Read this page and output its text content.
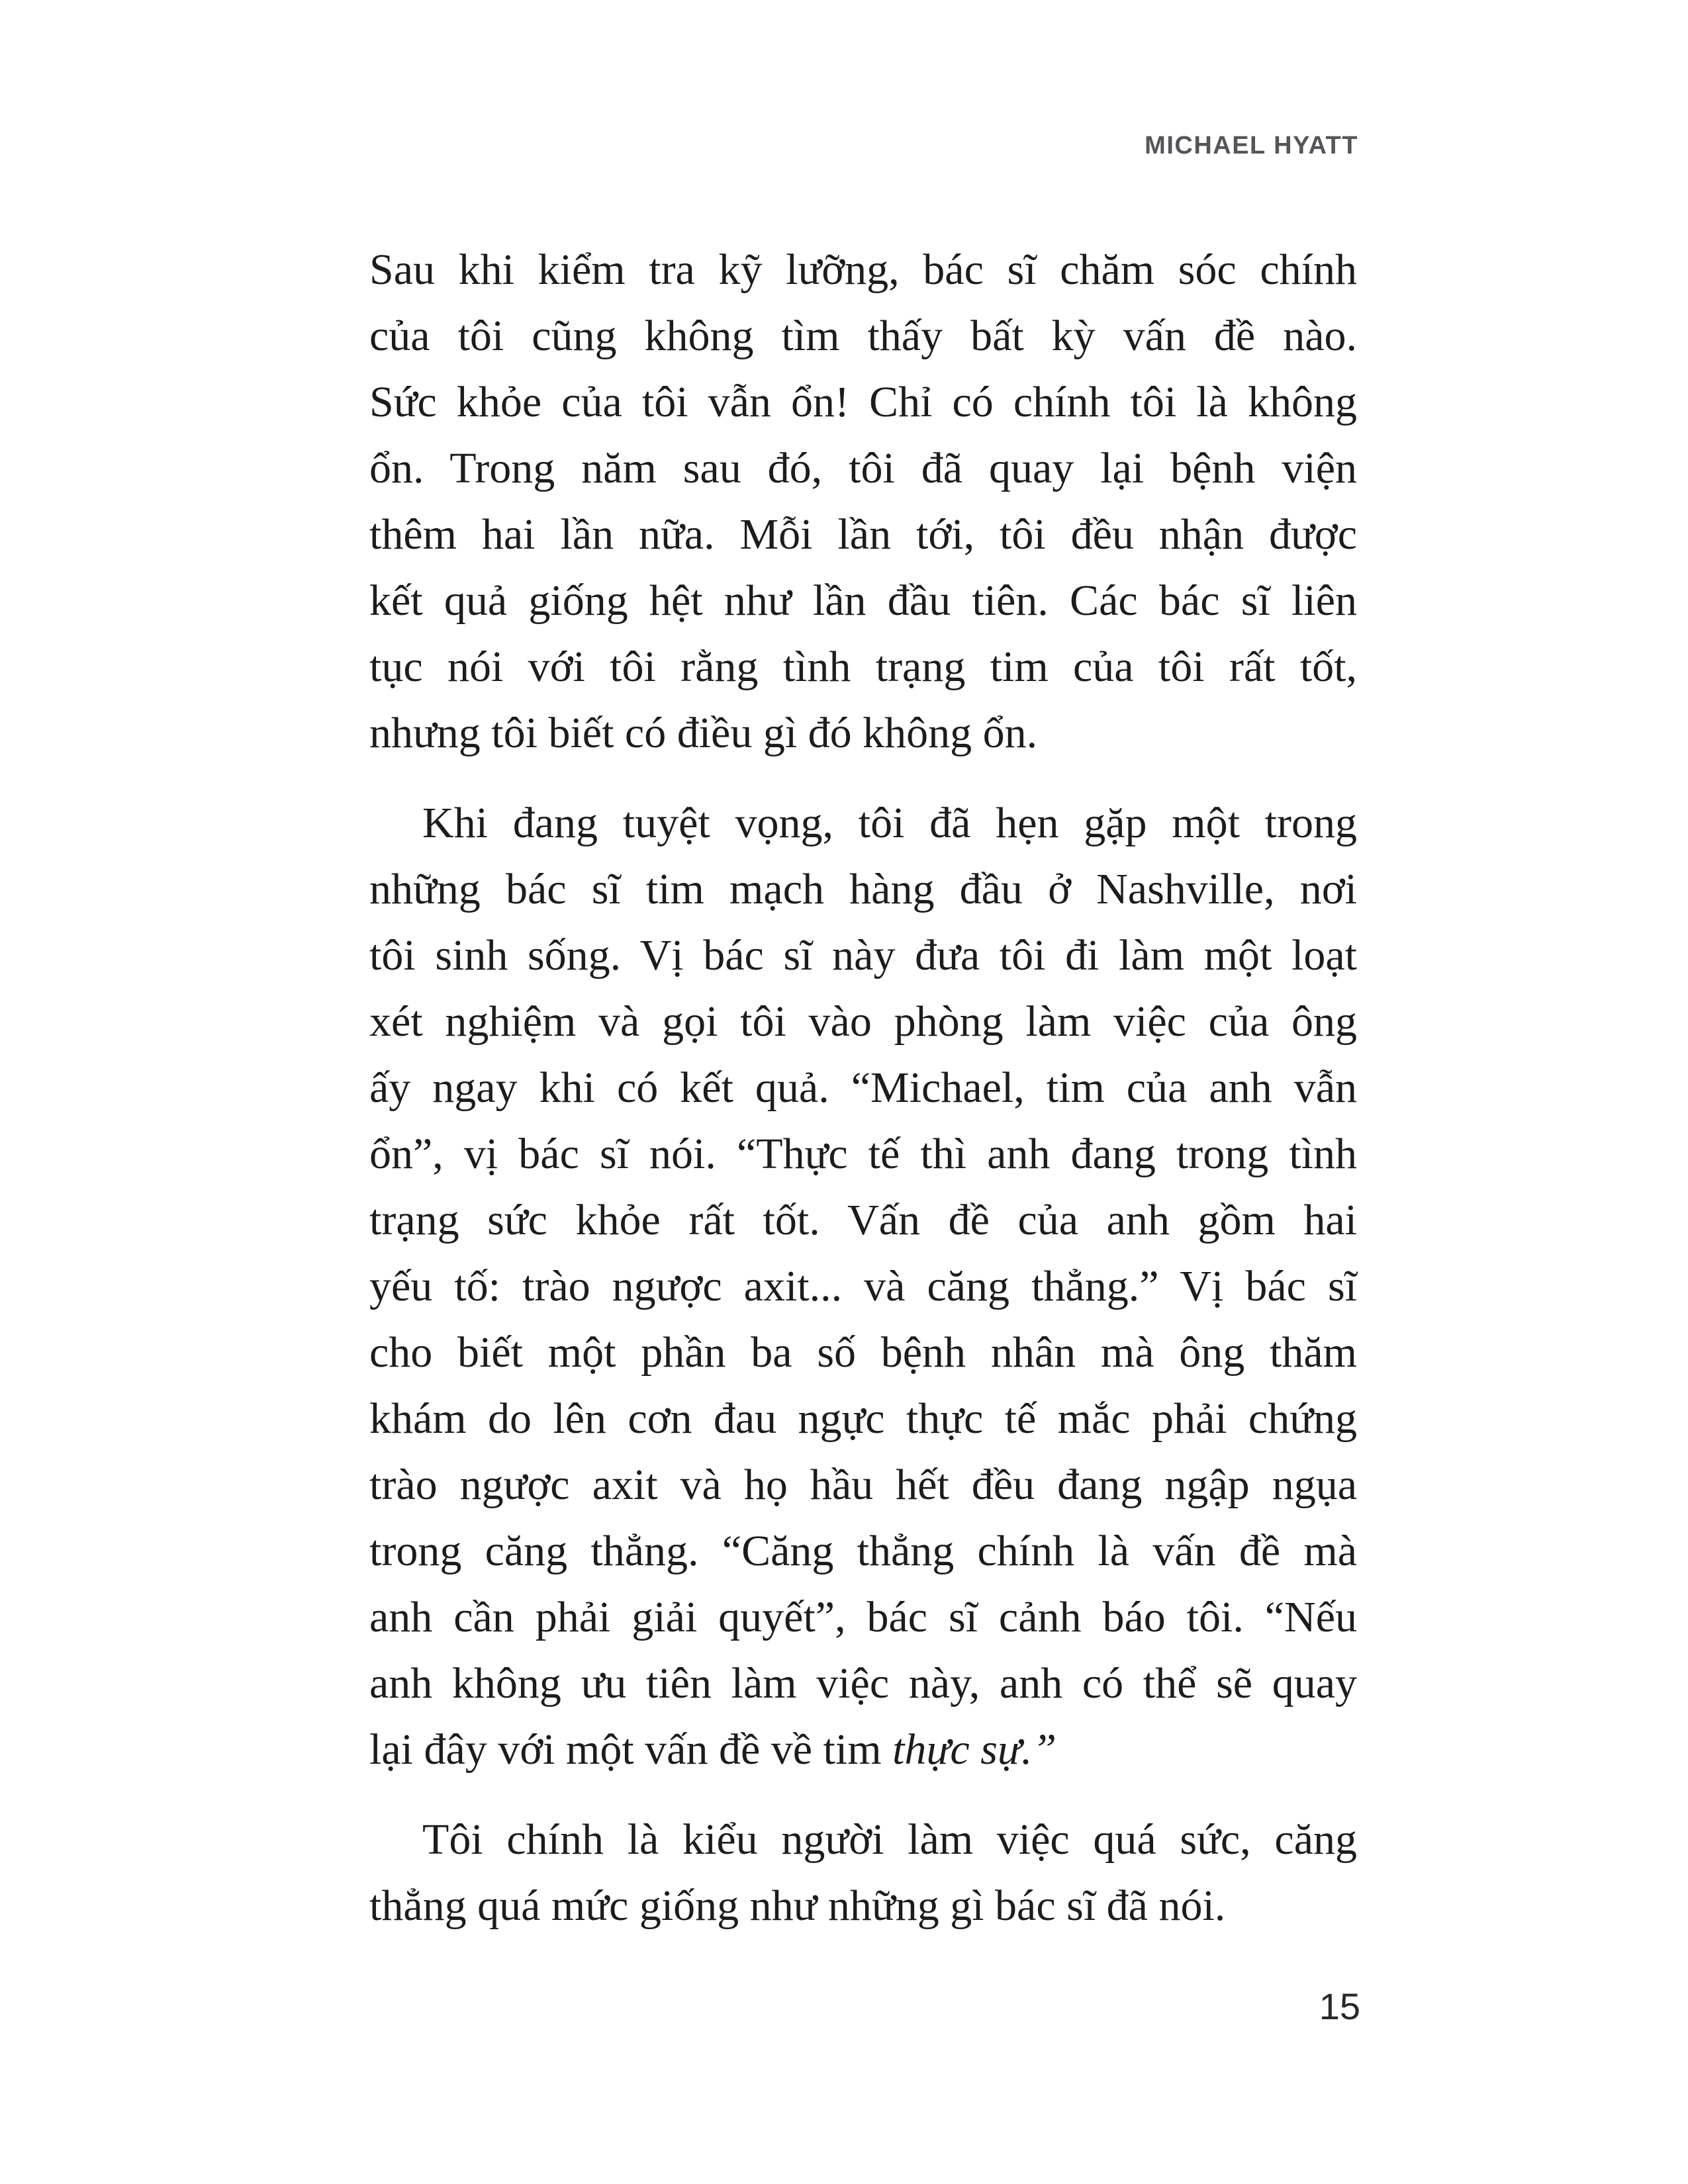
MICHAEL HYATT
Sau khi kiểm tra kỹ lưỡng, bác sĩ chăm sóc chính
của tôi cũng không tìm thấy bất kỳ vấn đề nào.
Sức khỏe của tôi vẫn ổn! Chỉ có chính tôi là không
ổn. Trong năm sau đó, tôi đã quay lại bệnh viện
thêm hai lần nữa. Mỗi lần tới, tôi đều nhận được
kết quả giống hệt như lần đầu tiên. Các bác sĩ liên
tục nói với tôi rằng tình trạng tim của tôi rất tốt,
nhưng tôi biết có điều gì đó không ổn.
Khi đang tuyệt vọng, tôi đã hẹn gặp một trong
những bác sĩ tim mạch hàng đầu ở Nashville, nơi
tôi sinh sống. Vị bác sĩ này đưa tôi đi làm một loạt
xét nghiệm và gọi tôi vào phòng làm việc của ông
ấy ngay khi có kết quả. “Michael, tim của anh vẫn
ổn”, vị bác sĩ nói. “Thực tế thì anh đang trong tình
trạng sức khỏe rất tốt. Vấn đề của anh gồm hai
yếu tố: trào ngược axit... và căng thẳng.” Vị bác sĩ
cho biết một phần ba số bệnh nhân mà ông thăm
khám do lên cơn đau ngực thực tế mắc phải chứng
trào ngược axit và họ hầu hết đều đang ngập ngụa
trong căng thẳng. “Căng thẳng chính là vấn đề mà
anh cần phải giải quyết”, bác sĩ cảnh báo tôi. “Nếu
anh không ưu tiên làm việc này, anh có thể sẽ quay
lại đây với một vấn đề về tim thực sự.”
Tôi chính là kiểu người làm việc quá sức, căng
thẳng quá mức giống như những gì bác sĩ đã nói.
15
